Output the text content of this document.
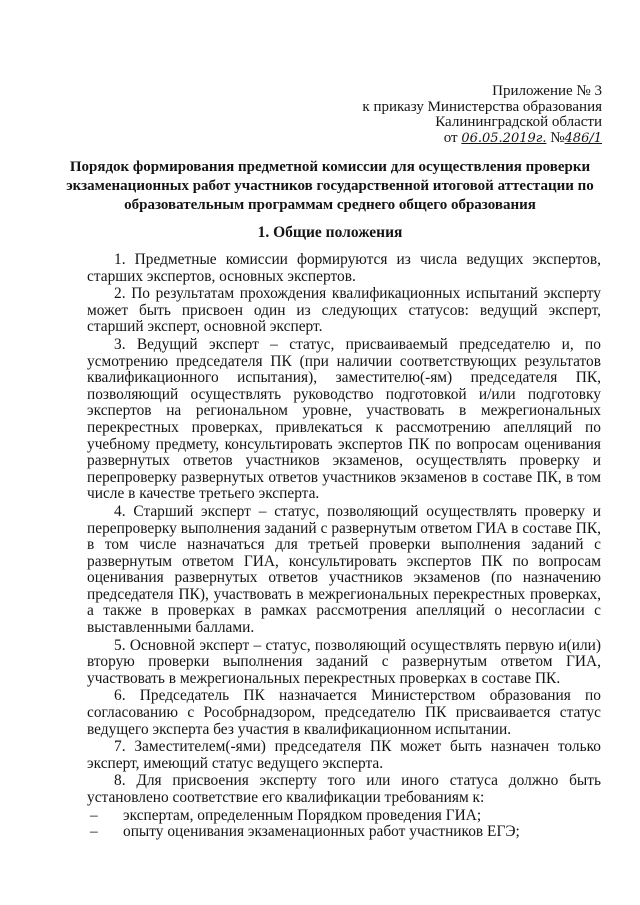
Приложение № 3
к приказу Министерства образования
Калининградской области
от 06.05.2019г. №486/1
Порядок формирования предметной комиссии для осуществления проверки экзаменационных работ участников государственной итоговой аттестации по образовательным программам среднего общего образования
1. Общие положения

1. Предметные комиссии формируются из числа ведущих экспертов, старших экспертов, основных экспертов.

2. По результатам прохождения квалификационных испытаний эксперту может быть присвоен один из следующих статусов: ведущий эксперт, старший эксперт, основной эксперт.

3. Ведущий эксперт – статус, присваиваемый председателю и, по усмотрению председателя ПК (при наличии соответствующих результатов квалификационного испытания), заместителю(-ям) председателя ПК, позволяющий осуществлять руководство подготовкой и/или подготовку экспертов на региональном уровне, участвовать в межрегиональных перекрестных проверках, привлекаться к рассмотрению апелляций по учебному предмету, консультировать экспертов ПК по вопросам оценивания развернутых ответов участников экзаменов, осуществлять проверку и перепроверку развернутых ответов участников экзаменов в составе ПК, в том числе в качестве третьего эксперта.

4. Старший эксперт – статус, позволяющий осуществлять проверку и перепроверку выполнения заданий с развернутым ответом ГИА в составе ПК, в том числе назначаться для третьей проверки выполнения заданий с развернутым ответом ГИА, консультировать экспертов ПК по вопросам оценивания развернутых ответов участников экзаменов (по назначению председателя ПК), участвовать в межрегиональных перекрестных проверках, а также в проверках в рамках рассмотрения апелляций о несогласии с выставленными баллами.

5. Основной эксперт – статус, позволяющий осуществлять первую и(или) вторую проверки выполнения заданий с развернутым ответом ГИА, участвовать в межрегиональных перекрестных проверках в составе ПК.

6. Председатель ПК назначается Министерством образования по согласованию с Рособрнадзором, председателю ПК присваивается статус ведущего эксперта без участия в квалификационном испытании.

7. Заместителем(-ями) председателя ПК может быть назначен только эксперт, имеющий статус ведущего эксперта.

8. Для присвоения эксперту того или иного статуса должно быть установлено соответствие его квалификации требованиям к:

–	экспертам, определенным Порядком проведения ГИА;
–	опыту оценивания экзаменационных работ участников ЕГЭ;
